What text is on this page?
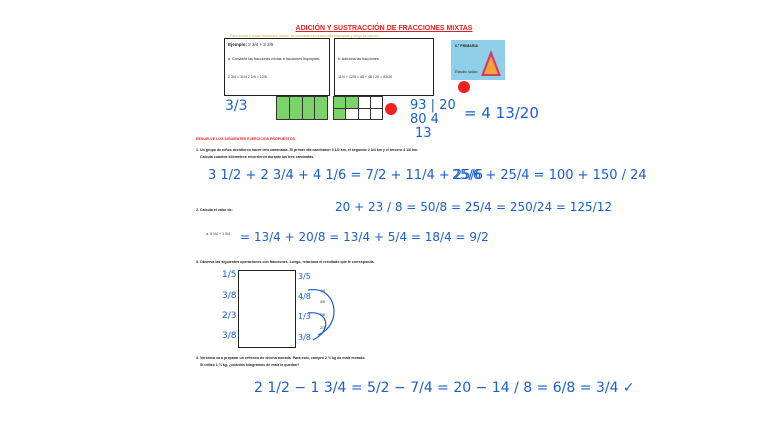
ADICIÓN Y SUSTRACCIÓN DE FRACCIONES MIXTAS
Para sumar o restar fracciones mixtas, se convierten en fracciones impropias y luego se operan.
Ejemplo: 2 3/4 + 2 2/5
a. Convierte las fracciones mixtas a fracciones impropias.
2 3/4 = 11/4 2 2/5 = 12/5
b. Adiciona las fracciones.
11/4 + 12/5 = 45 + 48 / 20 = 93/20
6.º PRIMARIA
Estudio lúdico
RESUELVE LOS SIGUIENTES EJERCICIOS PROPUESTOS.
1. Un grupo de niños decidieron hacer tres caminatas. El primer día caminaron 3 1/2 km, el segundo 2 3/4 km y el tercero 4 1/6 km.
Calcula cuántos kilómetros recorrieron durante las tres caminatas.
2. Calcula el valor de:
a. 3 1/4 + 1 3/4
3. Observa las siguientes operaciones con fracciones. Luego, relaciona el resultado que le corresponda.
4/8
4/5
7/8
2/3
1/5
3/8
2/3
3/8
3/5
4/8
1/3
3/8
4. Verónica va a preparar un refresco de chicha morada. Para esto, compró 2 ½ kg de maíz morado.
Si utilizó 1 ¾ kg, ¿cuántos kilogramos de maíz le quedan?
3/3	93 | 20
80 4
13
= 4 13/20
3 1/2 + 2 3/4 + 4 1/6 = 7/2 + 11/4 + 25/6
25/6 + 25/4 = 100 + 150 / 24
= 250/24 = 125/12
20 + 23 / 8 = 50/8 = 25/4
= 13/4 + 20/8 = 13/4 + 5/4 = 18/4 = 9/2
2 1/2 − 1 3/4 = 5/2 − 7/4 = 20 − 14 / 8 = 6/8 = 3/4 ✓
